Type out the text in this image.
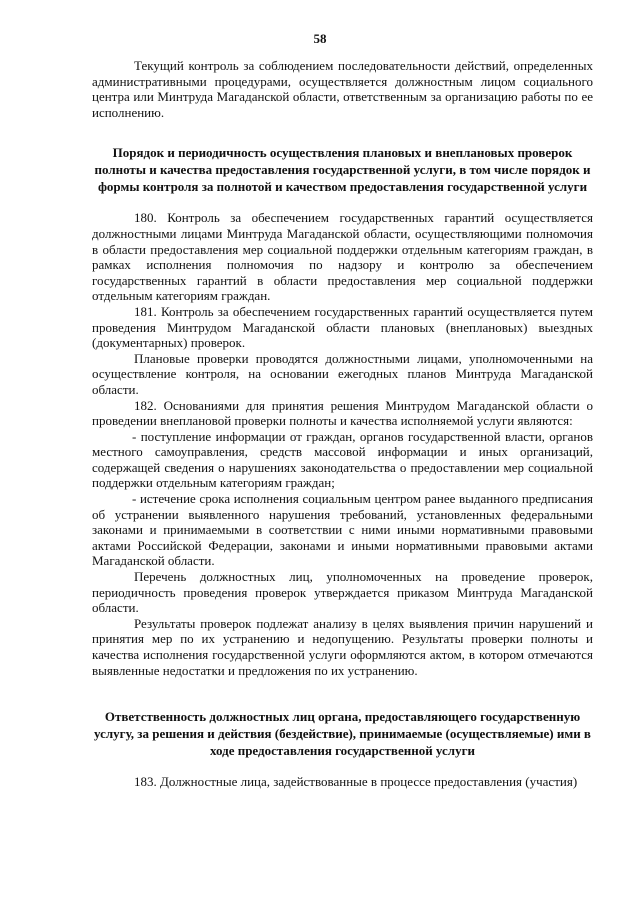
58

Текущий контроль за соблюдением последовательности действий, определенных административными процедурами, осуществляется должностным лицом социального центра или Минтруда Магаданской области, ответственным за организацию работы по ее исполнению.

Порядок и периодичность осуществления плановых и внеплановых проверок полноты и качества предоставления государственной услуги, в том числе порядок и формы контроля за полнотой и качеством предоставления государственной услуги

180. Контроль за обеспечением государственных гарантий осуществляется должностными лицами Минтруда Магаданской области, осуществляющими полномочия в области предоставления мер социальной поддержки отдельным категориям граждан, в рамках исполнения полномочия по надзору и контролю за обеспечением государственных гарантий в области предоставления мер социальной поддержки отдельным категориям граждан.

181. Контроль за обеспечением государственных гарантий осуществляется путем проведения Минтрудом Магаданской области плановых (внеплановых) выездных (документарных) проверок.

Плановые проверки проводятся должностными лицами, уполномоченными на осуществление контроля, на основании ежегодных планов Минтруда Магаданской области.

182. Основаниями для принятия решения Минтрудом Магаданской области о проведении внеплановой проверки полноты и качества исполняемой услуги являются:

- поступление информации от граждан, органов государственной власти, органов местного самоуправления, средств массовой информации и иных организаций, содержащей сведения о нарушениях законодательства о предоставлении мер социальной поддержки отдельным категориям граждан;

- истечение срока исполнения социальным центром ранее выданного предписания об устранении выявленного нарушения требований, установленных федеральными законами и принимаемыми в соответствии с ними иными нормативными правовыми актами Российской Федерации, законами и иными нормативными правовыми актами Магаданской области.

Перечень должностных лиц, уполномоченных на проведение проверок, периодичность проведения проверок утверждается приказом Минтруда Магаданской области.

Результаты проверок подлежат анализу в целях выявления причин нарушений и принятия мер по их устранению и недопущению. Результаты проверки полноты и качества исполнения государственной услуги оформляются актом, в котором отмечаются выявленные недостатки и предложения по их устранению.

Ответственность должностных лиц органа, предоставляющего государственную услугу, за решения и действия (бездействие), принимаемые (осуществляемые) ими в ходе предоставления государственной услуги

183. Должностные лица, задействованные в процессе предоставления (участия)
